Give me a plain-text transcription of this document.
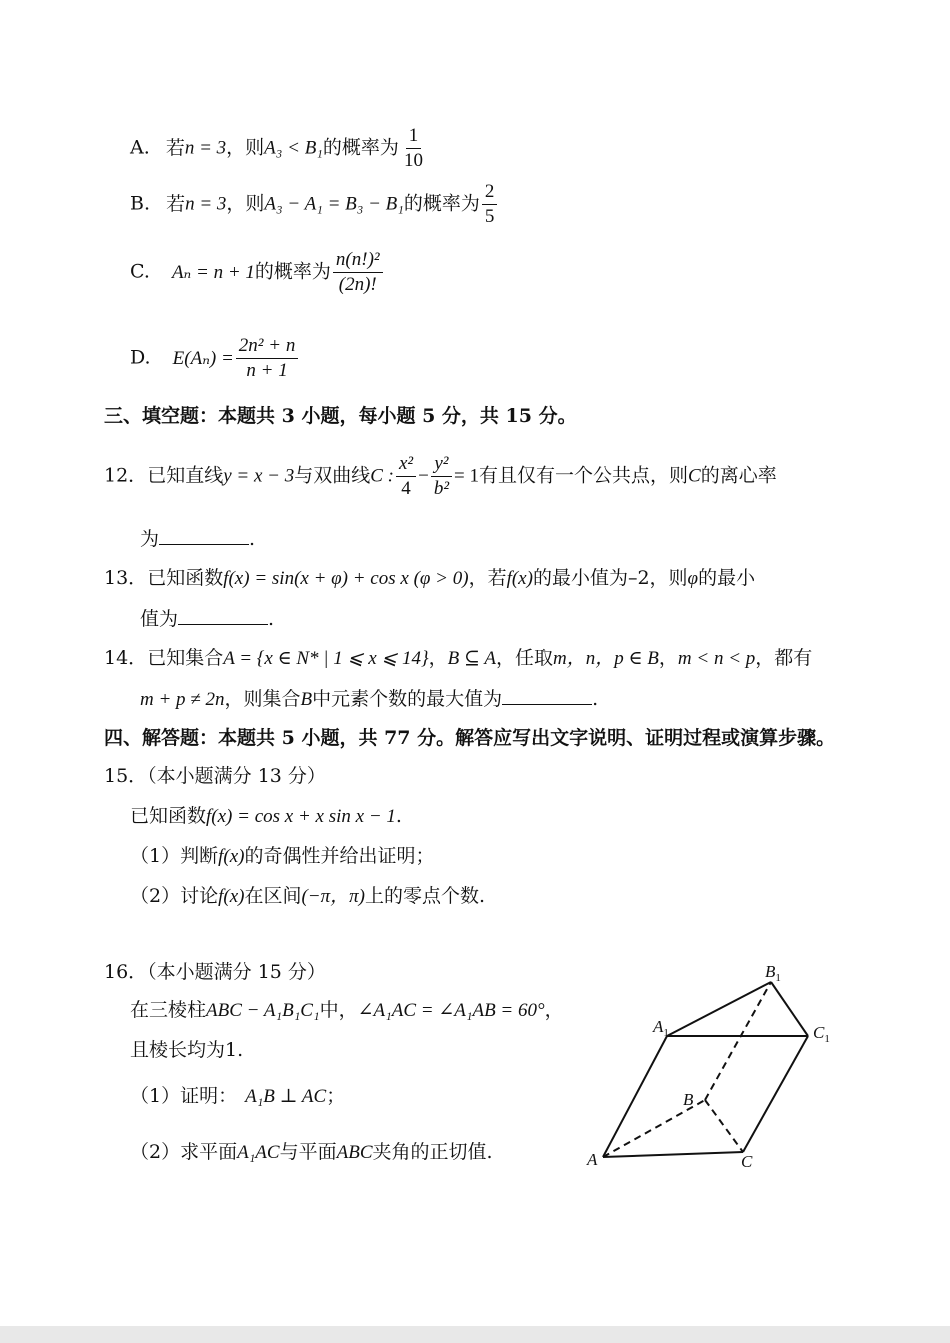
A. 若n = 3，则A₃ < B₁的概率为 $\frac{1}{10}$
B. 若n = 3，则A₃ − A₁ = B₃ − B₁的概率为 $\frac{2}{5}$
C. Aₙ = n + 1的概率为 $\frac{\text{n(n!)²}}{(2n)!}$
D. $E(A_n) = \frac{\text{2n² + n}}{n + 1}$
三、填空题：本题共 3 小题，每小题 5 分，共 15 分。
12．已知直线y = x − 3与双曲线C : $\frac{\text{x²}}{4} - \frac{\text{y²}}{\text{b²}} = 1$有且仅有一个公共点，则C的离心率
为	.
13．已知函数f(x) = sin(x + φ) + cos x (φ > 0)，若f(x)的最小值为–2，则φ的最小
值为	.
14．已知集合A = {x ∈ N* | 1 ⩽ x ⩽ 14}，B ⊆ A，任取m，n，p ∈ B，m < n < p，都有
m + p ≠ 2n，则集合B中元素个数的最大值为	.
四、解答题：本题共 5 小题，共 77 分。解答应写出文字说明、证明过程或演算步骤。
15．（本小题满分 13 分）
已知函数f(x) = cos x + x sin x − 1.
（1）判断f(x)的奇偶性并给出证明；
（2）讨论f(x)在区间(−π，π)上的零点个数.
16．（本小题满分 15 分）
在三棱柱ABC − A₁B₁C₁中，∠A₁AC = ∠A₁AB = 60°，
且棱长均为1.
（1）证明： A₁B ⊥ AC；
（2）求平面A₁AC与平面ABC夹角的正切值.
$B_1$
$A_1$	$C_1$
B
A	C
